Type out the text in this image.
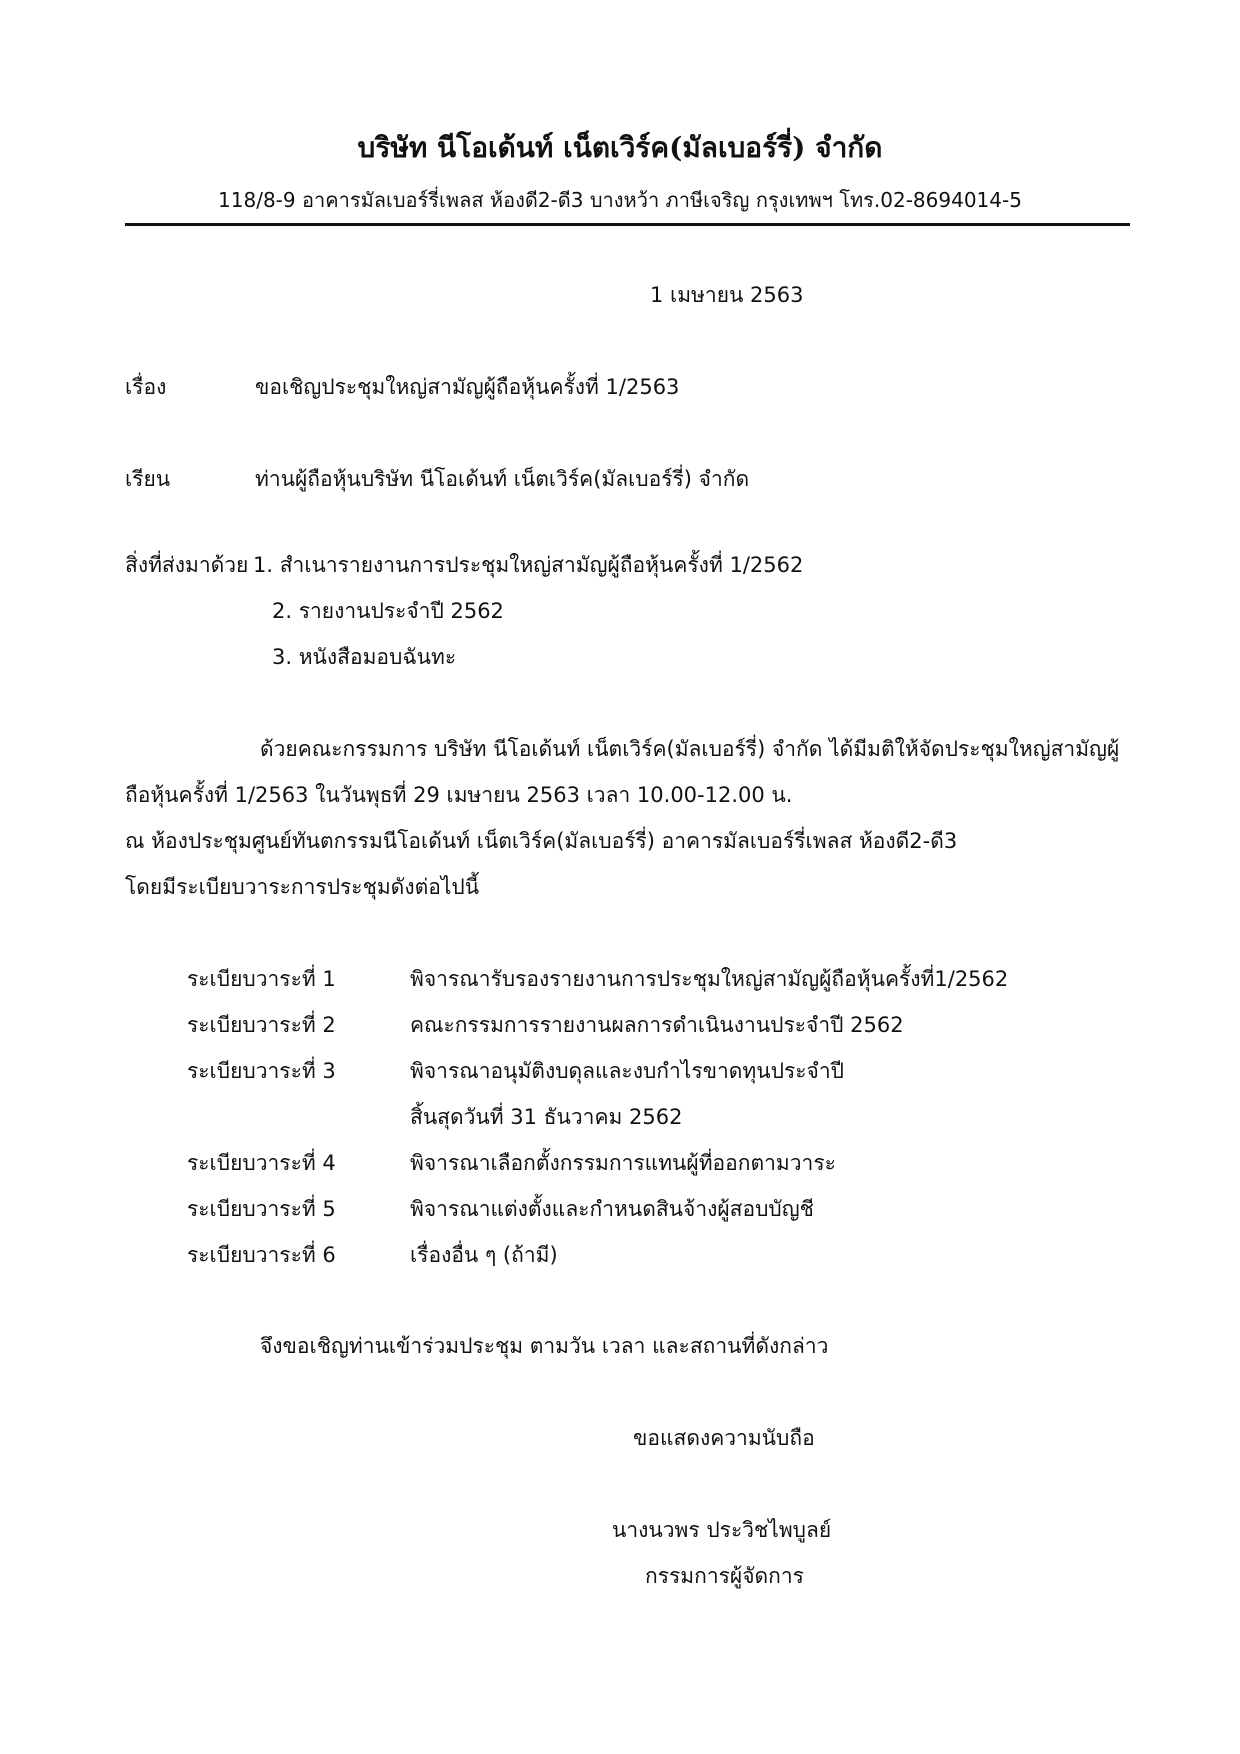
บริษัท นีโอเด้นท์ เน็ตเวิร์ค(มัลเบอร์รี่) จำกัด
118/8-9 อาคารมัลเบอร์รี่เพลส ห้องดี2-ดี3 บางหว้า ภาษีเจริญ กรุงเทพฯ โทร.02-8694014-5
1 เมษายน 2563
เรื่อง	ขอเชิญประชุมใหญ่สามัญผู้ถือหุ้นครั้งที่ 1/2563
เรียน	ท่านผู้ถือหุ้นบริษัท นีโอเด้นท์ เน็ตเวิร์ค(มัลเบอร์รี่) จำกัด
สิ่งที่ส่งมาด้วย 1. สำเนารายงานการประชุมใหญ่สามัญผู้ถือหุ้นครั้งที่ 1/2562
2. รายงานประจำปี 2562
3. หนังสือมอบฉันทะ
ด้วยคณะกรรมการ บริษัท นีโอเด้นท์ เน็ตเวิร์ค(มัลเบอร์รี่) จำกัด ได้มีมติให้จัดประชุมใหญ่สามัญผู้
ถือหุ้นครั้งที่ 1/2563 ในวันพุธที่ 29 เมษายน 2563 เวลา 10.00-12.00 น.
ณ ห้องประชุมศูนย์ทันตกรรมนีโอเด้นท์ เน็ตเวิร์ค(มัลเบอร์รี่) อาคารมัลเบอร์รี่เพลส ห้องดี2-ดี3
โดยมีระเบียบวาระการประชุมดังต่อไปนี้
ระเบียบวาระที่ 1	พิจารณารับรองรายงานการประชุมใหญ่สามัญผู้ถือหุ้นครั้งที่1/2562
ระเบียบวาระที่ 2	คณะกรรมการรายงานผลการดำเนินงานประจำปี 2562
ระเบียบวาระที่ 3	พิจารณาอนุมัติงบดุลและงบกำไรขาดทุนประจำปี
สิ้นสุดวันที่ 31 ธันวาคม 2562
ระเบียบวาระที่ 4	พิจารณาเลือกตั้งกรรมการแทนผู้ที่ออกตามวาระ
ระเบียบวาระที่ 5	พิจารณาแต่งตั้งและกำหนดสินจ้างผู้สอบบัญชี
ระเบียบวาระที่ 6	เรื่องอื่น ๆ (ถ้ามี)
จึงขอเชิญท่านเข้าร่วมประชุม ตามวัน เวลา และสถานที่ดังกล่าว
ขอแสดงความนับถือ
นางนวพร ประวิชไพบูลย์
กรรมการผู้จัดการ
